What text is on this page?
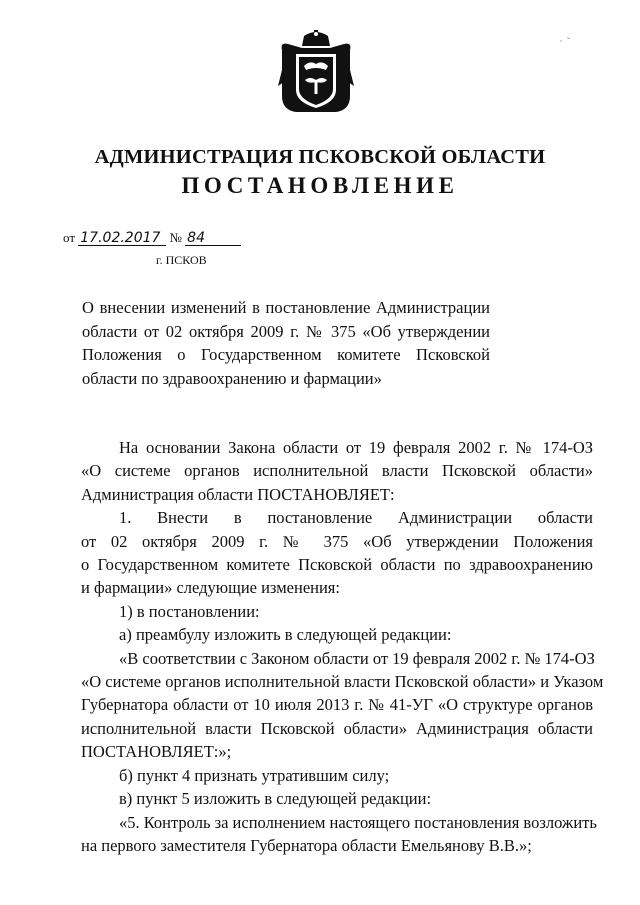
·  ˘
АДМИНИСТРАЦИЯ ПСКОВСКОЙ ОБЛАСТИ
ПОСТАНОВЛЕНИЕ
от 17.02.2017 № 84
г. ПСКОВ
О внесении изменений в постановление Администрации
области от 02 октября 2009 г. № 375 «Об утверждении
Положения о Государственном комитете Псковской
области по здравоохранению и фармации»
На основании Закона области от 19 февраля 2002 г. № 174-ОЗ
«О системе органов исполнительной власти Псковской области»
Администрация области ПОСТАНОВЛЯЕТ:
1. Внести в постановление Администрации области
от 02 октября 2009 г. № 375 «Об утверждении Положения
о Государственном комитете Псковской области по здравоохранению
и фармации» следующие изменения:
1) в постановлении:
а) преамбулу изложить в следующей редакции:
«В соответствии с Законом области от 19 февраля 2002 г. № 174-ОЗ
«О системе органов исполнительной власти Псковской области» и Указом
Губернатора области от 10 июля 2013 г. № 41-УГ «О структуре органов
исполнительной власти Псковской области» Администрация области
ПОСТАНОВЛЯЕТ:»;
б) пункт 4 признать утратившим силу;
в) пункт 5 изложить в следующей редакции:
«5. Контроль за исполнением настоящего постановления возложить
на первого заместителя Губернатора области Емельянову В.В.»;
